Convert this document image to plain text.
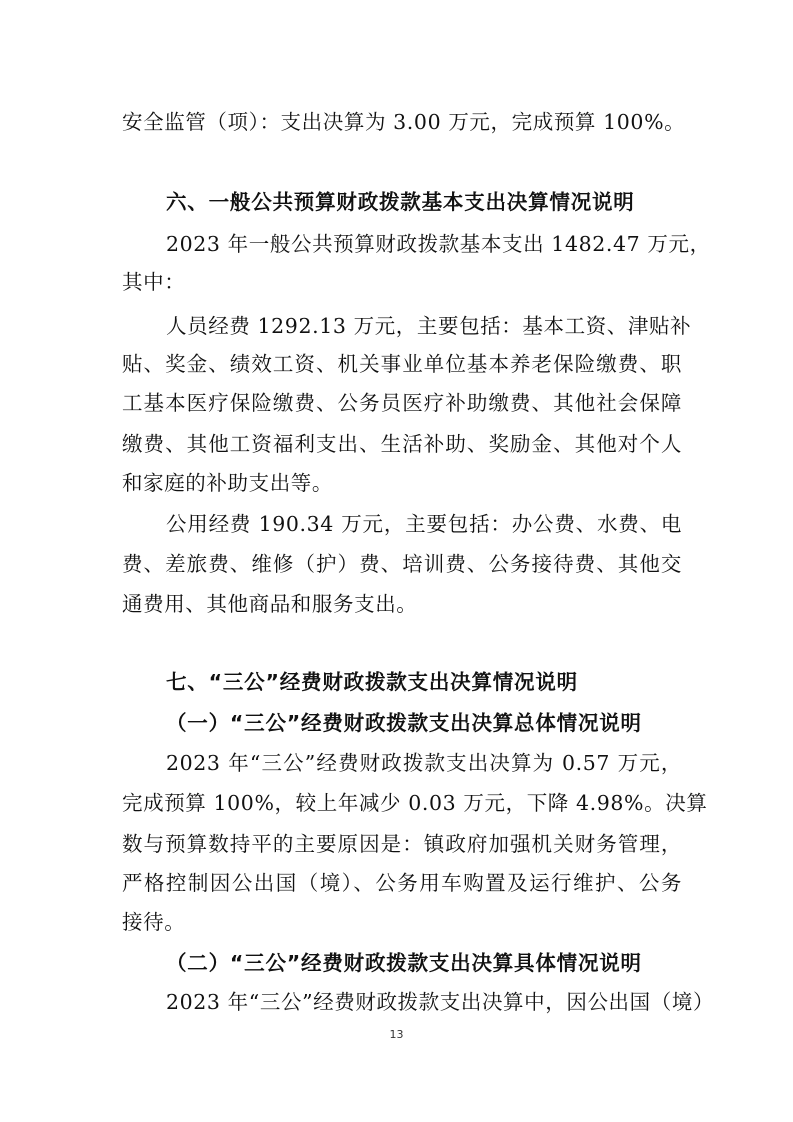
安全监管（项）：支出决算为 3.00 万元，完成预算 100%。
六、一般公共预算财政拨款基本支出决算情况说明
2023 年一般公共预算财政拨款基本支出 1482.47 万元，
其中：
人员经费 1292.13 万元，主要包括：基本工资、津贴补
贴、奖金、绩效工资、机关事业单位基本养老保险缴费、职
工基本医疗保险缴费、公务员医疗补助缴费、其他社会保障
缴费、其他工资福利支出、生活补助、奖励金、其他对个人
和家庭的补助支出等。
公用经费 190.34 万元，主要包括：办公费、水费、电
费、差旅费、维修（护）费、培训费、公务接待费、其他交
通费用、其他商品和服务支出。
七、“三公”经费财政拨款支出决算情况说明
（一）“三公”经费财政拨款支出决算总体情况说明
2023 年“三公”经费财政拨款支出决算为 0.57 万元，
完成预算 100%，较上年减少 0.03 万元，下降 4.98%。决算
数与预算数持平的主要原因是：镇政府加强机关财务管理，
严格控制因公出国（境）、公务用车购置及运行维护、公务
接待。
（二）“三公”经费财政拨款支出决算具体情况说明
2023 年“三公”经费财政拨款支出决算中，因公出国（境）
13
